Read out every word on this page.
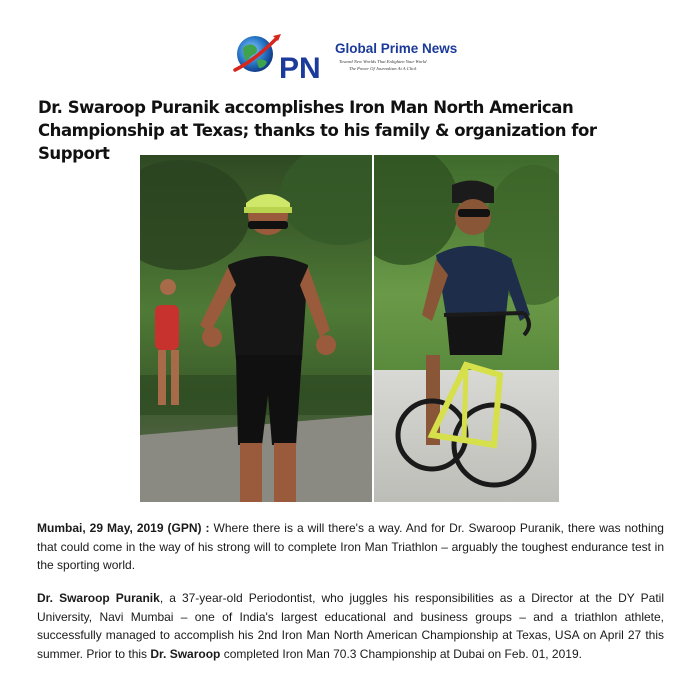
PN
Global Prime News
Toward New Worlds That Enlighten Your World
The Power Of Journalism At A Click
Dr. Swaroop Puranik accomplishes Iron Man North American Championship at Texas; thanks to his family & organization for Support
Mumbai, 29 May, 2019 (GPN) : Where there is a will there's a way. And for Dr. Swaroop Puranik, there was nothing that could come in the way of his strong will to complete Iron Man Triathlon – arguably the toughest endurance test in the sporting world.
Dr. Swaroop Puranik, a 37-year-old Periodontist, who juggles his responsibilities as a Director at the DY Patil University, Navi Mumbai – one of India's largest educational and business groups – and a triathlon athlete, successfully managed to accomplish his 2nd Iron Man North American Championship at Texas, USA on April 27 this summer. Prior to this Dr. Swaroop completed Iron Man 70.3 Championship at Dubai on Feb. 01, 2019.
